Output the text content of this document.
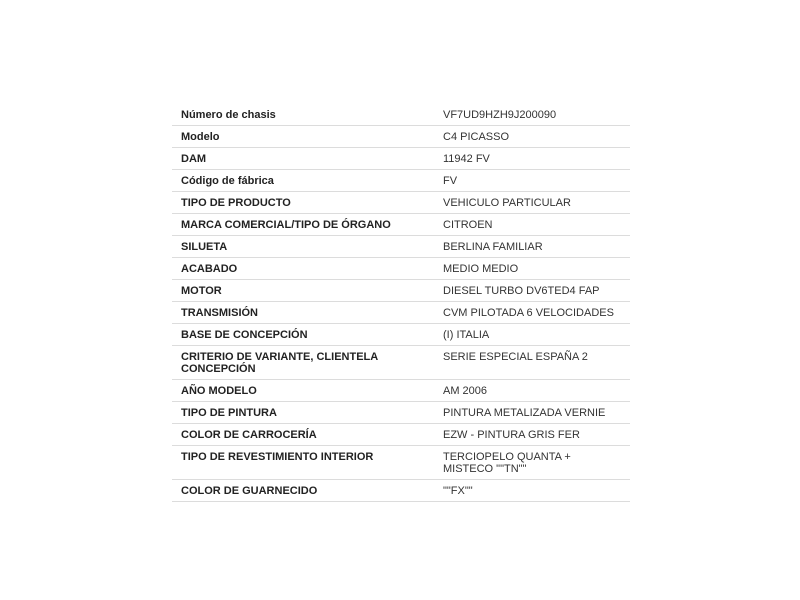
Número de chasis	VF7UD9HZH9J200090
Modelo	C4 PICASSO
DAM	11942 FV
Código de fábrica	FV
TIPO DE PRODUCTO	VEHICULO PARTICULAR
MARCA COMERCIAL/TIPO DE ÓRGANO	CITROEN
SILUETA	BERLINA FAMILIAR
ACABADO	MEDIO MEDIO
MOTOR	DIESEL TURBO DV6TED4 FAP
TRANSMISIÓN	CVM PILOTADA 6 VELOCIDADES
BASE DE CONCEPCIÓN	(I) ITALIA
CRITERIO DE VARIANTE, CLIENTELA CONCEPCIÓN	SERIE ESPECIAL ESPAÑA 2
AÑO MODELO	AM 2006
TIPO DE PINTURA	PINTURA METALIZADA VERNIE
COLOR DE CARROCERÍA	EZW - PINTURA GRIS FER
TIPO DE REVESTIMIENTO INTERIOR	TERCIOPELO QUANTA + MISTECO ""TN""
COLOR DE GUARNECIDO	""FX""
